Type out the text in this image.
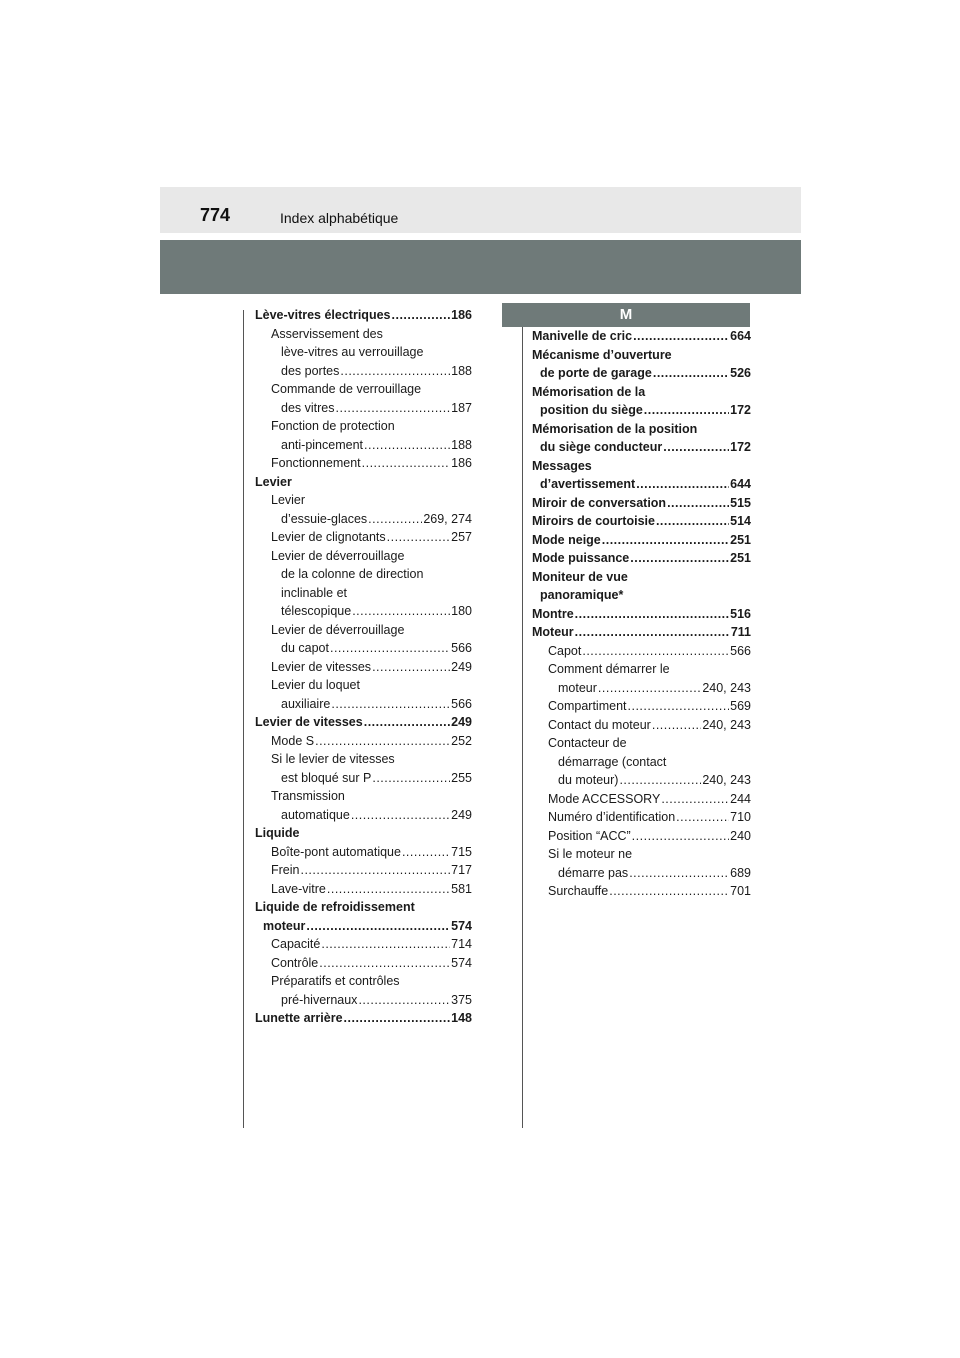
774	Index alphabétique
M
Lève-vitres électriques .....	186
Asservissement des
lève-vitres au verrouillage
des portes .....	188
Commande de verrouillage
des vitres .....	187
Fonction de protection
anti-pincement .....	188
Fonctionnement .....	186
Levier
Levier
d’essuie-glaces .....	269, 274
Levier de clignotants .....	257
Levier de déverrouillage
de la colonne de direction
inclinable et
télescopique .....	180
Levier de déverrouillage
du capot .....	566
Levier de vitesses .....	249
Levier du loquet
auxiliaire .....	566
Levier de vitesses .....	249
Mode S .....	252
Si le levier de vitesses
est bloqué sur P .....	255
Transmission
automatique .....	249
Liquide
Boîte-pont automatique .....	715
Frein .....	717
Lave-vitre .....	581
Liquide de refroidissement
moteur .....	574
Capacité .....	714
Contrôle .....	574
Préparatifs et contrôles
pré-hivernaux .....	375
Lunette arrière .....	148
Manivelle de cric .....	664
Mécanisme d’ouverture
de porte de garage .....	526
Mémorisation de la
position du siège .....	172
Mémorisation de la position
du siège conducteur .....	172
Messages
d’avertissement .....	644
Miroir de conversation .....	515
Miroirs de courtoisie .....	514
Mode neige .....	251
Mode puissance .....	251
Moniteur de vue
panoramique*
Montre .....	516
Moteur .....	711
Capot .....	566
Comment démarrer le
moteur .....	240, 243
Compartiment .....	569
Contact du moteur .....	240, 243
Contacteur de
démarrage (contact
du moteur) .....	240, 243
Mode ACCESSORY .....	244
Numéro d’identification .....	710
Position “ACC” .....	240
Si le moteur ne
démarre pas .....	689
Surchauffe .....	701
